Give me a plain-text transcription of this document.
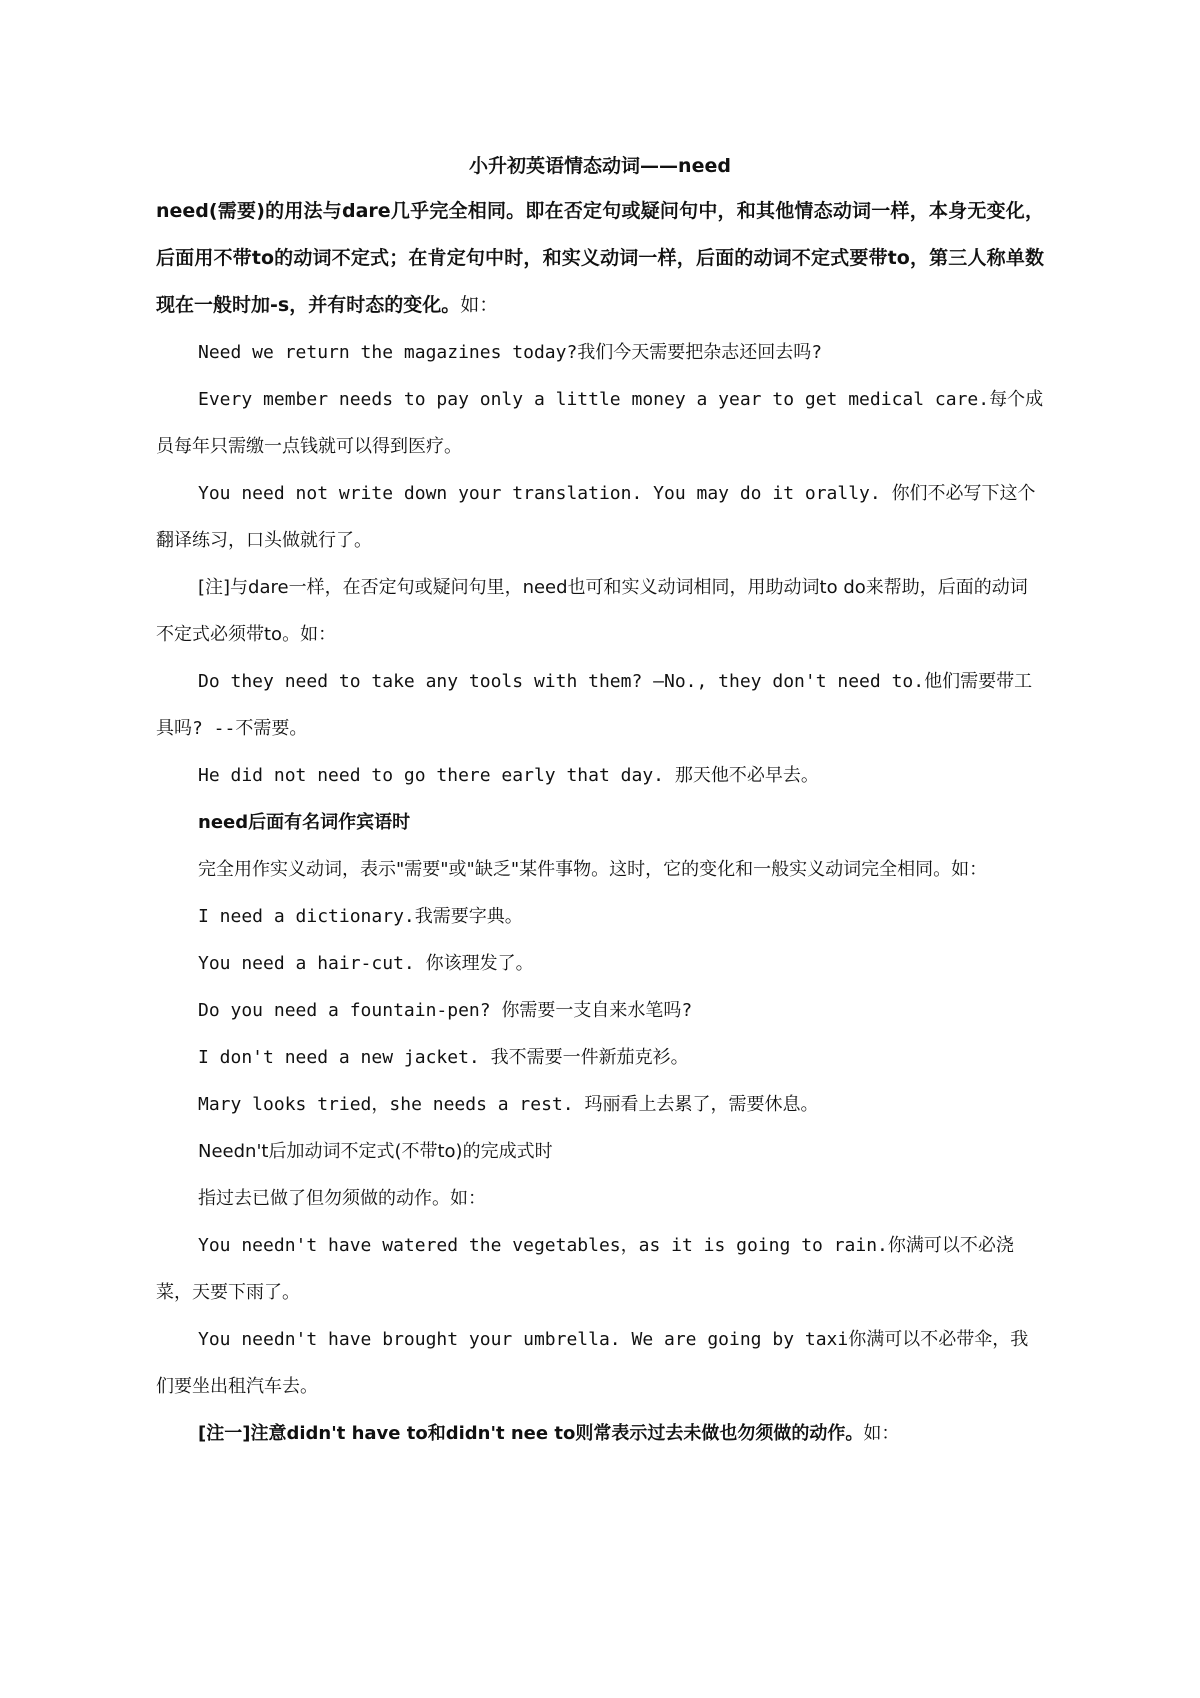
小升初英语情态动词——need

need(需要)的用法与dare几乎完全相同。即在否定句或疑问句中，和其他情态动词一样，本身无变化，后面用不带to的动词不定式；在肯定句中时，和实义动词一样，后面的动词不定式要带to，第三人称单数现在一般时加-s，并有时态的变化。如：

Need we return the magazines today?我们今天需要把杂志还回去吗?

Every member needs to pay only a little money a year to get medical care.每个成员每年只需缴一点钱就可以得到医疗。

You need not write down your translation. You may do it orally. 你们不必写下这个翻译练习，口头做就行了。

[注]与dare一样，在否定句或疑问句里，need也可和实义动词相同，用助动词to do来帮助，后面的动词不定式必须带to。如：

Do they need to take any tools with them? —No., they don't need to.他们需要带工具吗? --不需要。

He did not need to go there early that day. 那天他不必早去。

need后面有名词作宾语时

完全用作实义动词，表示"需要"或"缺乏"某件事物。这时，它的变化和一般实义动词完全相同。如：

I need a dictionary.我需要字典。

You need a hair-cut. 你该理发了。

Do you need a fountain-pen? 你需要一支自来水笔吗?

I don't need a new jacket. 我不需要一件新茄克衫。

Mary looks tried，she needs a rest. 玛丽看上去累了，需要休息。

Needn't后加动词不定式(不带to)的完成式时

指过去已做了但勿须做的动作。如：

You needn't have watered the vegetables，as it is going to rain.你满可以不必浇菜，天要下雨了。

You needn't have brought your umbrella. We are going by taxi你满可以不必带伞，我们要坐出租汽车去。

[注一]注意didn't have to和didn't nee to则常表示过去未做也勿须做的动作。如：
